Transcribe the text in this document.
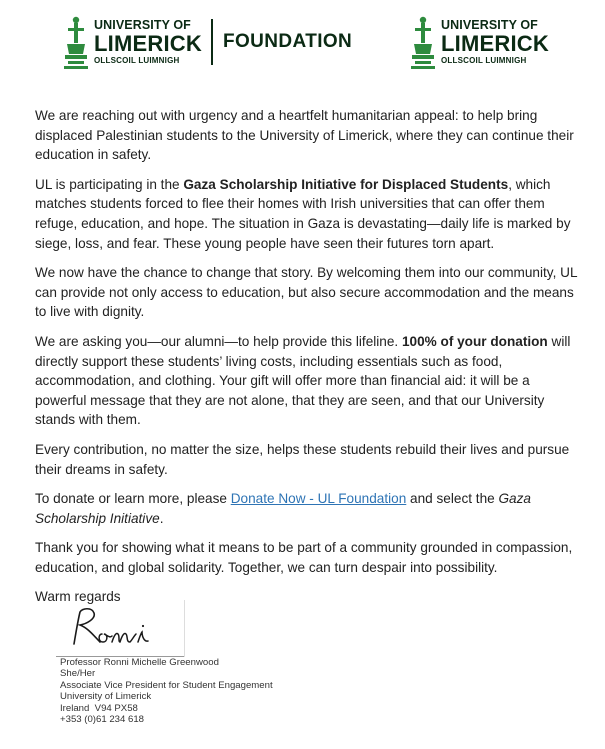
UNIVERSITY OF
LIMERICK
OLLSCOIL LUIMNIGH
FOUNDATION
UNIVERSITY OF
LIMERICK
OLLSCOIL LUIMNIGH

We are reaching out with urgency and a heartfelt humanitarian appeal: to help bring displaced Palestinian students to the University of Limerick, where they can continue their education in safety.

UL is participating in the Gaza Scholarship Initiative for Displaced Students, which matches students forced to flee their homes with Irish universities that can offer them refuge, education, and hope. The situation in Gaza is devastating—daily life is marked by siege, loss, and fear. These young people have seen their futures torn apart.

We now have the chance to change that story. By welcoming them into our community, UL can provide not only access to education, but also secure accommodation and the means to live with dignity.

We are asking you—our alumni—to help provide this lifeline. 100% of your donation will directly support these students’ living costs, including essentials such as food, accommodation, and clothing. Your gift will offer more than financial aid: it will be a powerful message that they are not alone, that they are seen, and that our University stands with them.

Every contribution, no matter the size, helps these students rebuild their lives and pursue their dreams in safety.

To donate or learn more, please Donate Now - UL Foundation and select the Gaza Scholarship Initiative.

Thank you for showing what it means to be part of a community grounded in compassion, education, and global solidarity. Together, we can turn despair into possibility.

Warm regards

Professor Ronni Michelle Greenwood
She/Her
Associate Vice President for Student Engagement
University of Limerick
Ireland  V94 PX58
+353 (0)61 234 618
